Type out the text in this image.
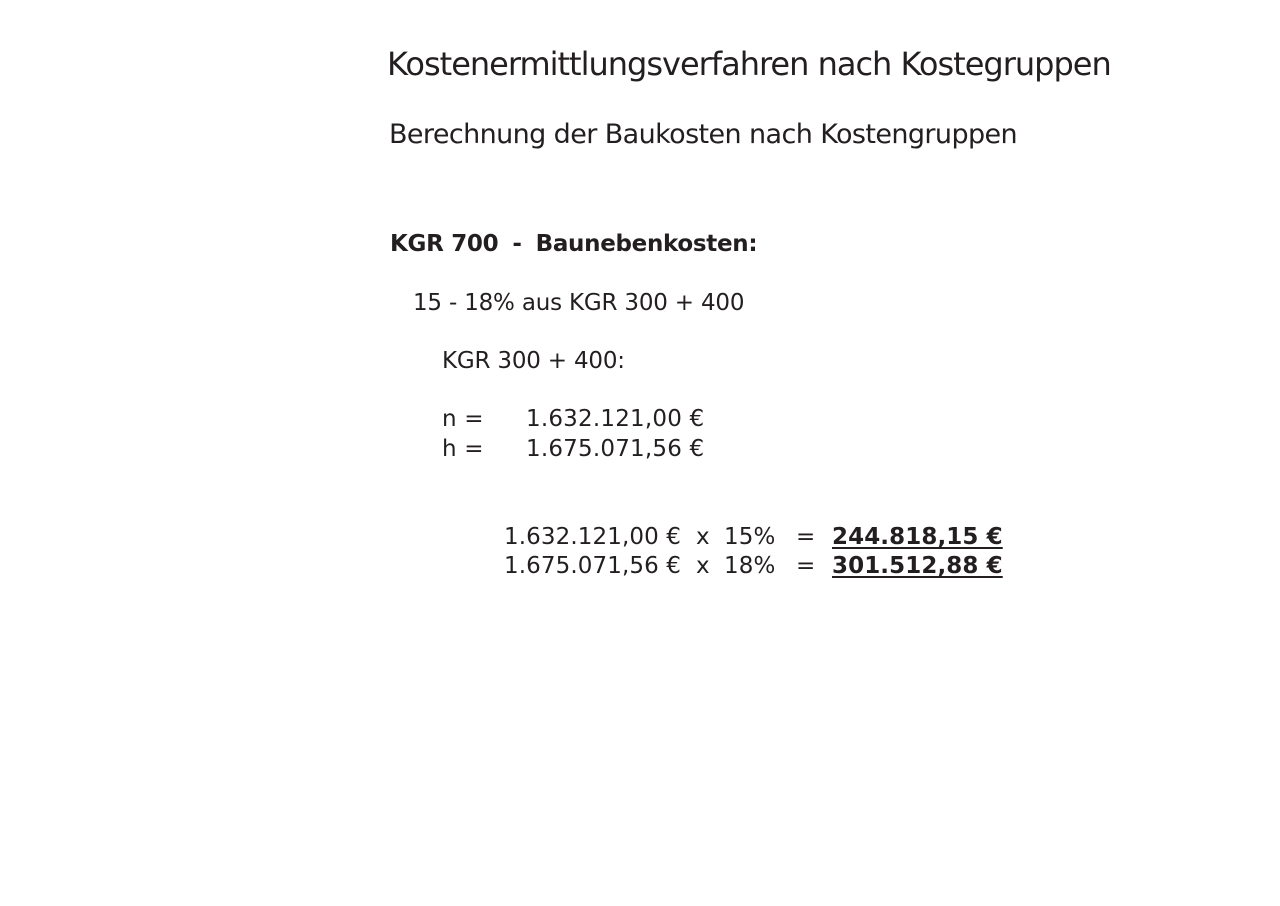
Kostenermittlungsverfahren nach Kostegruppen
Berechnung der Baukosten nach Kostengruppen
KGR 700 - Baunebenkosten:
15 - 18% aus KGR 300 + 400
KGR 300 + 400:
n = 1.632.121,00 €
h = 1.675.071,56 €
1.632.121,00 € x 15% = 244.818,15 €
1.675.071,56 € x 18% = 301.512,88 €
